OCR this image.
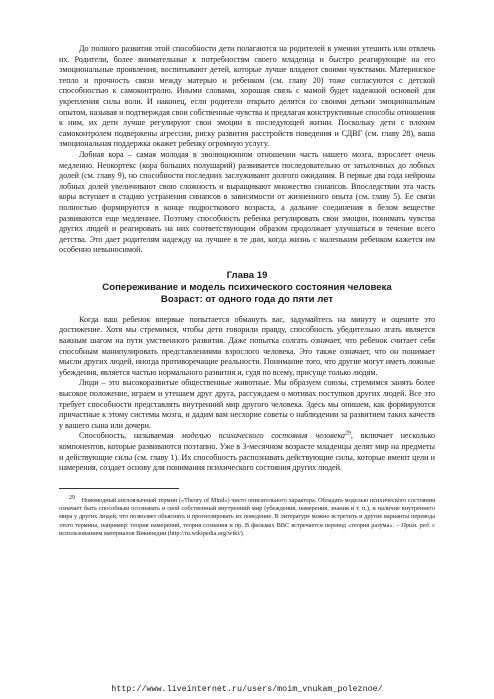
До полного развития этой способности дети полагаются на родителей в умении утешить или отвлечь их. Родители, более внимательные к потребностям своего младенца и быстро реагирующие на его эмоциональные проявления, воспитывают детей, которые лучше владеют своими чувствами. Материнское тепло и прочность связи между матерью и ребенком (см. главу 20) тоже согласуются с детской способностью к самоконтролю. Иными словами, хорошая связь с мамой будет надежной основой для укрепления силы воли. И наконец, если родители открыто делятся со своими детьми эмоциональным опытом, называя и подтверждая свои собственные чувства и предлагая конструктивные способы отношения к ним, их дети лучше регулируют свои эмоции в последующей жизни. Поскольку дети с плохим самоконтролем подвержены агрессии, риску развития расстройств поведения и СДВГ (см. главу 28), ваша эмоциональная поддержка окажет ребенку огромную услугу.

Лобная кора – самая молодая в эволюционном отношении часть нашего мозга, взрослеет очень медленно. Неокортекс (кора больших полушарий) развивается последовательно от затылочных до лобных долей (см. главу 9), но способности последних заслуживают долгого ожидания. В первые два года нейроны лобных долей увеличивают свою сложность и выращивают множество синапсов. Впоследствии эта часть коры вступает в стадию устранения синапсов в зависимости от жизненного опыта (см. главу 5). Ее связи полностью формируются в конце подросткового возраста, а дальние соединения в белом веществе развиваются еще медленнее. Поэтому способность ребенка регулировать свои эмоции, понимать чувства других людей и реагировать на них соответствующим образом продолжает улучшаться в течение всего детства. Это дает родителям надежду на лучшее в те дни, когда жизнь с маленьким ребенком кажется им особенно невыносимой.

Глава 19
Сопереживание и модель психического состояния человека
Возраст: от одного года до пяти лет

Когда ваш ребенок впервые попытается обмануть вас, задумайтесь на минуту и оцените это достижение. Хотя мы стремимся, чтобы дети говорили правду, способность убедительно лгать является важным шагом на пути умственного развития. Даже попытка солгать означает, что ребенок считает себя способным манипулировать представлениями взрослого человека. Это также означает, что он понимает мысли других людей, иногда противоречащие реальности. Понимание того, что другие могут иметь ложные убеждения, является частью нормального развития и, судя по всему, присуще только людям.

Люди – это высокоразвитые общественные животные. Мы образуем союзы, стремимся занять более высокое положение, играем и утешаем друг друга, рассуждаем о мотивах поступков других людей. Все это требует способности представлять внутренний мир другого человека. Здесь мы опишем, как формируются причастные к этому системы мозга, и дадим вам несхорие советы о наблюдении за развитием таких качеств у вашего сына или дочери.

Способность, называемая моделью психического состояния человека$^{29}$, включает несколько компонентов, которые развиваются поэтапно. Уже в 3-месячном возрасте младенцы делят мир на предметы и действующие силы (см. главу 1). Их способность распознавать действующие силы, которые имеют цели и намерения, создает основу для понимания психического состояния других людей.

29 Новомодный англоязычный термин («Theory of Mind») чисто описательного характера. Обладать моделью психического состояния означает быть способным осознавать и свой собственный внутренний мир (убеждения, намерения, знания и т. п.), и наличие внутреннего мира у других людей, что позволяет объяснять и прогнозировать их поведение. В литературе можно встретить и другие варианты перевода этого термина, например: теория намерений, теория сознания и пр. В фильмах ВВС встречается перевод «теория разума». – Прим. ред. с использованием материалов Википедии (http://ru.wikipedia.org/wiki/).

http://www.liveinternet.ru/users/moim_vnukam_poleznoe/
